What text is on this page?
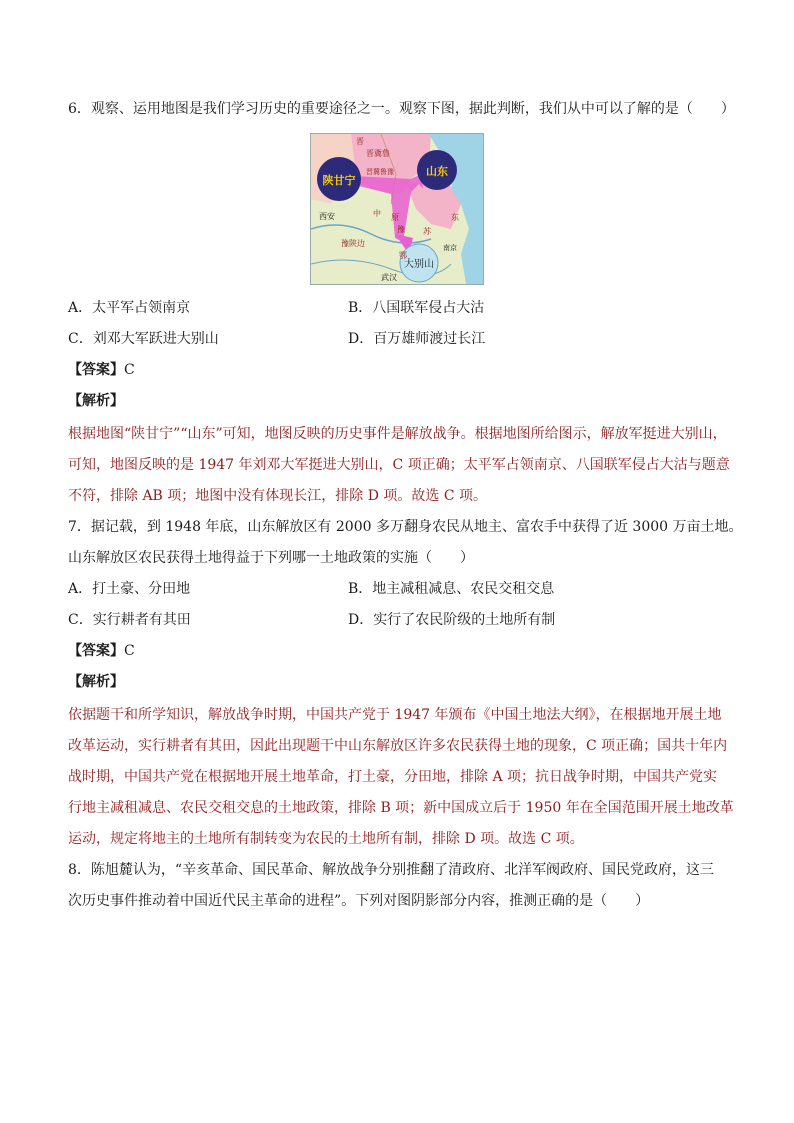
6．观察、运用地图是我们学习历史的重要途径之一。观察下图，据此判断，我们从中可以了解的是（　　）
陕甘宁
山东
大别山
晋冀鲁
晋
晋冀鲁豫
西安	中 原	东
苏
豫
豫陕边
鄂
武汉
南京
A．太平军占领南京	B．八国联军侵占大沽
C．刘邓大军跃进大别山	D．百万雄师渡过长江
【答案】C
【解析】
根据地图“陕甘宁”“山东”可知，地图反映的历史事件是解放战争。根据地图所给图示，解放军挺进大别山，
可知，地图反映的是 1947 年刘邓大军挺进大别山，C 项正确；太平军占领南京、八国联军侵占大沽与题意
不符，排除 AB 项；地图中没有体现长江，排除 D 项。故选 C 项。
7．据记载，到 1948 年底，山东解放区有 2000 多万翻身农民从地主、富农手中获得了近 3000 万亩土地。
山东解放区农民获得土地得益于下列哪一土地政策的实施（　　）
A．打土豪、分田地	B．地主减租减息、农民交租交息
C．实行耕者有其田	D．实行了农民阶级的土地所有制
【答案】C
【解析】
依据题干和所学知识，解放战争时期，中国共产党于 1947 年颁布《中国土地法大纲》，在根据地开展土地
改革运动，实行耕者有其田，因此出现题干中山东解放区许多农民获得土地的现象，C 项正确；国共十年内
战时期，中国共产党在根据地开展土地革命，打土豪，分田地，排除 A 项；抗日战争时期，中国共产党实
行地主减租减息、农民交租交息的土地政策，排除 B 项；新中国成立后于 1950 年在全国范围开展土地改革
运动，规定将地主的土地所有制转变为农民的土地所有制，排除 D 项。故选 C 项。
8．陈旭麓认为，“辛亥革命、国民革命、解放战争分别推翻了清政府、北洋军阀政府、国民党政府，这三
次历史事件推动着中国近代民主革命的进程”。下列对图阴影部分内容，推测正确的是（　　）
